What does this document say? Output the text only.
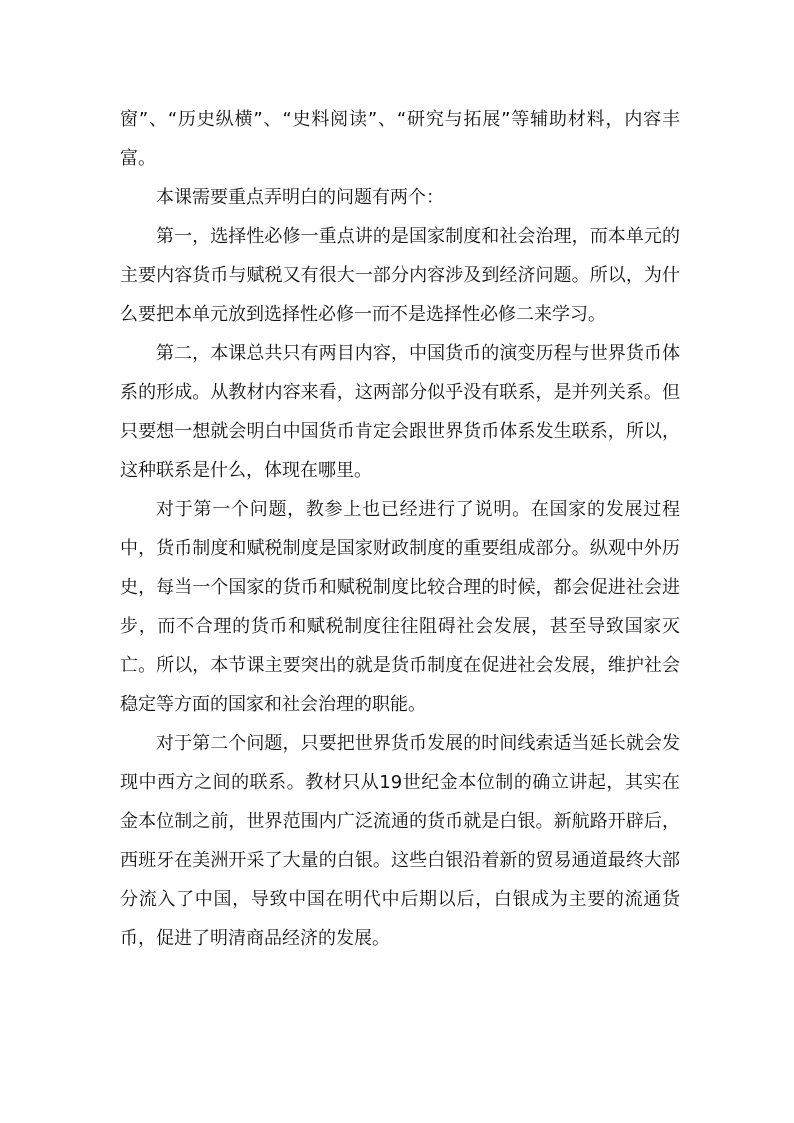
窗”、“历史纵横”、“史料阅读”、“研究与拓展”等辅助材料，内容丰富。

本课需要重点弄明白的问题有两个：

第一，选择性必修一重点讲的是国家制度和社会治理，而本单元的主要内容货币与赋税又有很大一部分内容涉及到经济问题。所以，为什么要把本单元放到选择性必修一而不是选择性必修二来学习。

第二，本课总共只有两目内容，中国货币的演变历程与世界货币体系的形成。从教材内容来看，这两部分似乎没有联系，是并列关系。但只要想一想就会明白中国货币肯定会跟世界货币体系发生联系，所以，这种联系是什么，体现在哪里。

对于第一个问题，教参上也已经进行了说明。在国家的发展过程中，货币制度和赋税制度是国家财政制度的重要组成部分。纵观中外历史，每当一个国家的货币和赋税制度比较合理的时候，都会促进社会进步，而不合理的货币和赋税制度往往阻碍社会发展，甚至导致国家灭亡。所以，本节课主要突出的就是货币制度在促进社会发展，维护社会稳定等方面的国家和社会治理的职能。

对于第二个问题，只要把世界货币发展的时间线索适当延长就会发现中西方之间的联系。教材只从19世纪金本位制的确立讲起，其实在金本位制之前，世界范围内广泛流通的货币就是白银。新航路开辟后，西班牙在美洲开采了大量的白银。这些白银沿着新的贸易通道最终大部分流入了中国，导致中国在明代中后期以后，白银成为主要的流通货币，促进了明清商品经济的发展。
